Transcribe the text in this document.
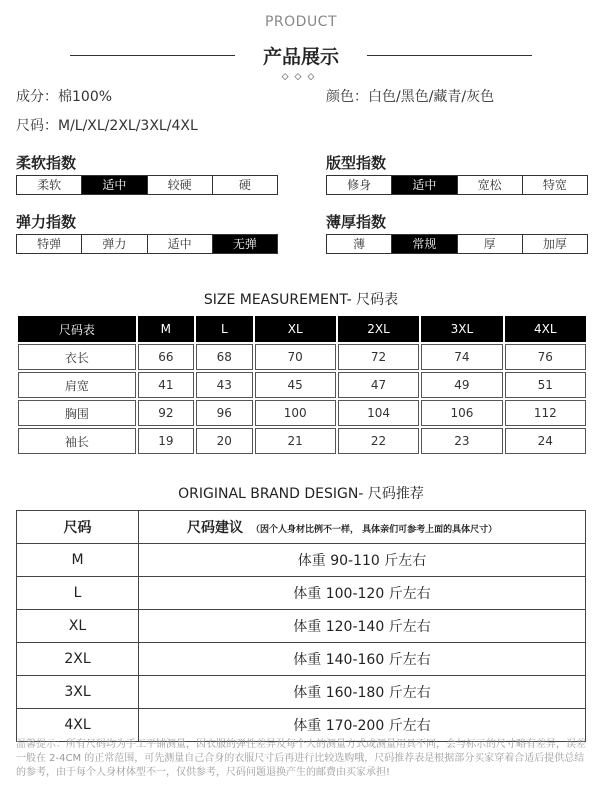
PRODUCT
产品展示
◇◇◇
成分：棉100%	颜色：白色/黑色/藏青/灰色
尺码：M/L/XL/2XL/3XL/4XL
柔软指数
柔软	适中	较硬	硬
版型指数
修身	适中	宽松	特宽
弹力指数
特弹	弹力	适中	无弹
薄厚指数
薄	常规	厚	加厚
SIZE MEASUREMENT- 尺码表
尺码表	M	L	XL	2XL	3XL	4XL
衣长	66	68	70	72	74	76
肩宽	41	43	45	47	49	51
胸围	92	96	100	104	106	112
袖长	19	20	21	22	23	24
ORIGINAL BRAND DESIGN- 尺码推荐
尺码	尺码建议 （因个人身材比例不一样， 具体亲们可参考上面的具体尺寸）
M	体重 90-110 斤左右
L	体重 100-120 斤左右
XL	体重 120-140 斤左右
2XL	体重 140-160 斤左右
3XL	体重 160-180 斤左右
4XL	体重 170-200 斤左右
温馨提示：所有尺码均为手工平铺测量，因衣服的弹性差异及每个人的测量方式或测量用具不同，会与标示的尺寸略有差异，误差一般在 2-4CM 的正常范围，可先测量自己合身的衣服尺寸后再进行比较选购哦，尺码推荐表是根据部分买家穿着合适后提供总结的参考，由于每个人身材体型不一，仅供参考，尺码问题退换产生的邮费由买家承担!
